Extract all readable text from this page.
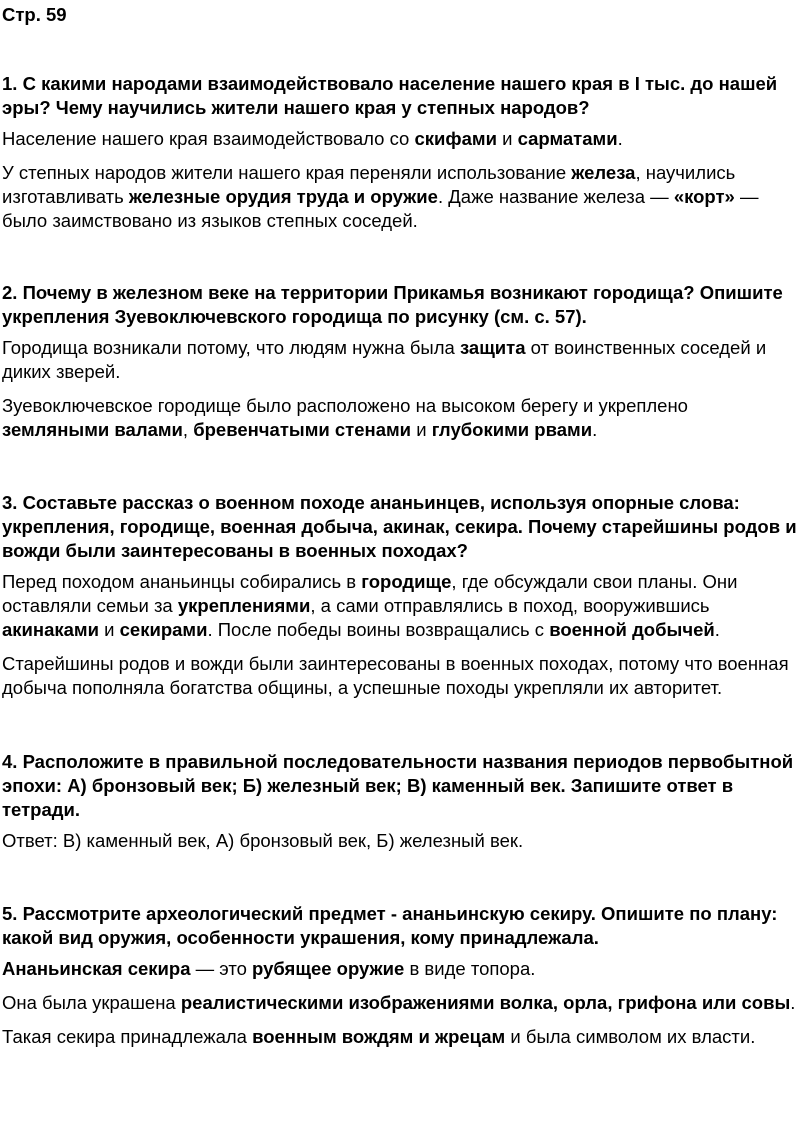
Стр. 59

1. С какими народами взаимодействовало население нашего края в I тыс. до нашей эры? Чему научились жители нашего края у степных народов?

Население нашего края взаимодействовало со скифами и сарматами.

У степных народов жители нашего края переняли использование железа, научились изготавливать железные орудия труда и оружие. Даже название железа — «корт» — было заимствовано из языков степных соседей.

2. Почему в железном веке на территории Прикамья возникают городища? Опишите укрепления Зуевоключевского городища по рисунку (см. с. 57).

Городища возникали потому, что людям нужна была защита от воинственных соседей и диких зверей.

Зуевоключевское городище было расположено на высоком берегу и укреплено земляными валами, бревенчатыми стенами и глубокими рвами.

3. Составьте рассказ о военном походе ананьинцев, используя опорные слова: укрепления, городище, военная добыча, акинак, секира. Почему старейшины родов и вожди были заинтересованы в военных походах?

Перед походом ананьинцы собирались в городище, где обсуждали свои планы. Они оставляли семьи за укреплениями, а сами отправлялись в поход, вооружившись акинаками и секирами. После победы воины возвращались с военной добычей.

Старейшины родов и вожди были заинтересованы в военных походах, потому что военная добыча пополняла богатства общины, а успешные походы укрепляли их авторитет.

4. Расположите в правильной последовательности названия периодов первобытной эпохи: А) бронзовый век; Б) железный век; В) каменный век. Запишите ответ в тетради.

Ответ: В) каменный век, А) бронзовый век, Б) железный век.

5. Рассмотрите археологический предмет - ананьинскую секиру. Опишите по плану: какой вид оружия, особенности украшения, кому принадлежала.

Ананьинская секира — это рубящее оружие в виде топора.

Она была украшена реалистическими изображениями волка, орла, грифона или совы.

Такая секира принадлежала военным вождям и жрецам и была символом их власти.
